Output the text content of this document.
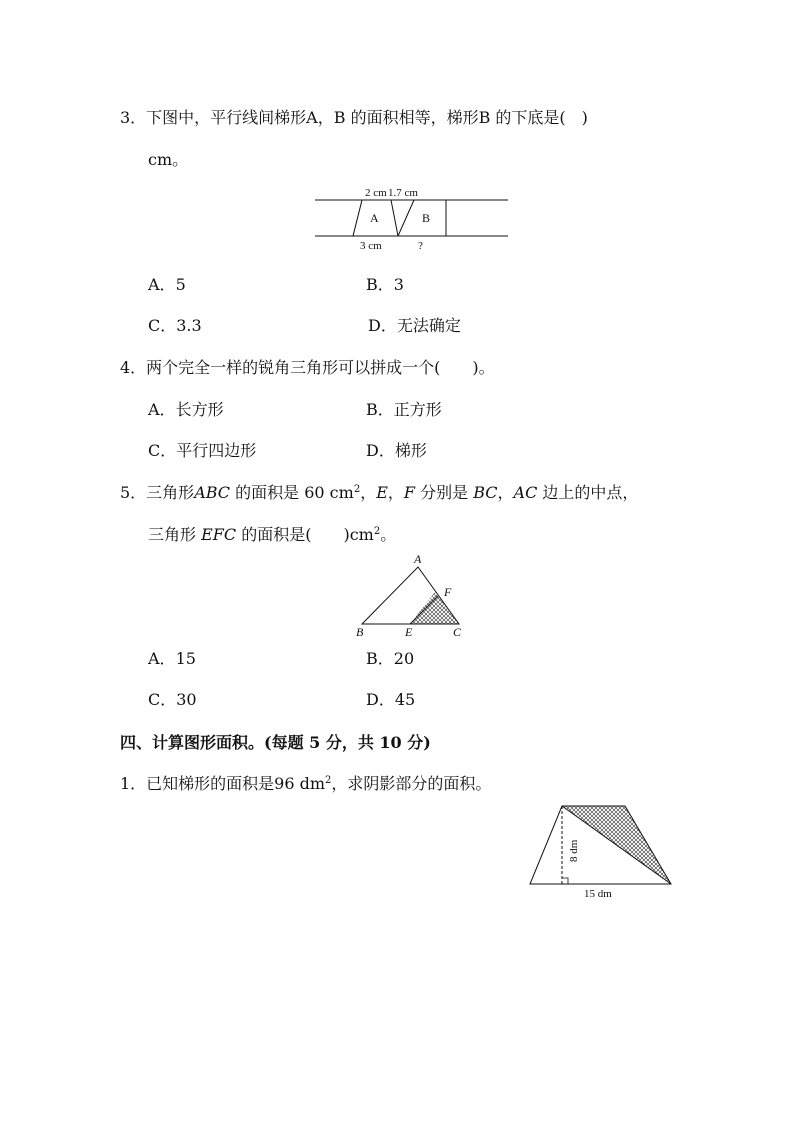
3．下图中，平行线间梯形A，B 的面积相等，梯形B 的下底是(　)
cm。
2 cm 1.7 cm
A	B
3 cm	?
A．5	B．3
C．3.3	D．无法确定
4．两个完全一样的锐角三角形可以拼成一个(　　)。
A．长方形	B．正方形
C．平行四边形	D．梯形
5．三角形ABC 的面积是 60 $cm^2$，E，F 分别是 BC，AC 边上的中点，
三角形 EFC 的面积是(　　)$cm^2$。
A
F
B	E	C
A．15	B．20
C．30	D．45
四、计算图形面积。(每题 5 分，共 10 分)
1．已知梯形的面积是96 $dm^2$，求阴影部分的面积。
8 dm
15 dm
